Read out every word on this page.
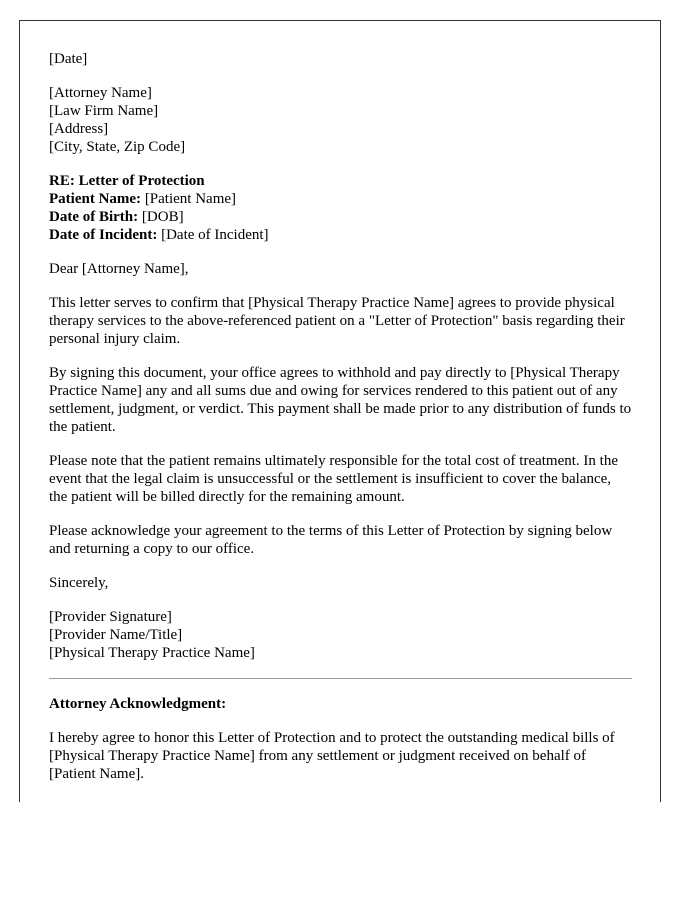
[Date]
[Attorney Name]
[Law Firm Name]
[Address]
[City, State, Zip Code]
RE: Letter of Protection
Patient Name: [Patient Name]
Date of Birth: [DOB]
Date of Incident: [Date of Incident]

Dear [Attorney Name],

This letter serves to confirm that [Physical Therapy Practice Name] agrees to provide physical therapy services to the above-referenced patient on a "Letter of Protection" basis regarding their personal injury claim.

By signing this document, your office agrees to withhold and pay directly to [Physical Therapy Practice Name] any and all sums due and owing for services rendered to this patient out of any settlement, judgment, or verdict. This payment shall be made prior to any distribution of funds to the patient.

Please note that the patient remains ultimately responsible for the total cost of treatment. In the event that the legal claim is unsuccessful or the settlement is insufficient to cover the balance, the patient will be billed directly for the remaining amount.

Please acknowledge your agreement to the terms of this Letter of Protection by signing below and returning a copy to our office.

Sincerely,

[Provider Signature]
[Provider Name/Title]
[Physical Therapy Practice Name]

Attorney Acknowledgment:

I hereby agree to honor this Letter of Protection and to protect the outstanding medical bills of [Physical Therapy Practice Name] from any settlement or judgment received on behalf of [Patient Name].
